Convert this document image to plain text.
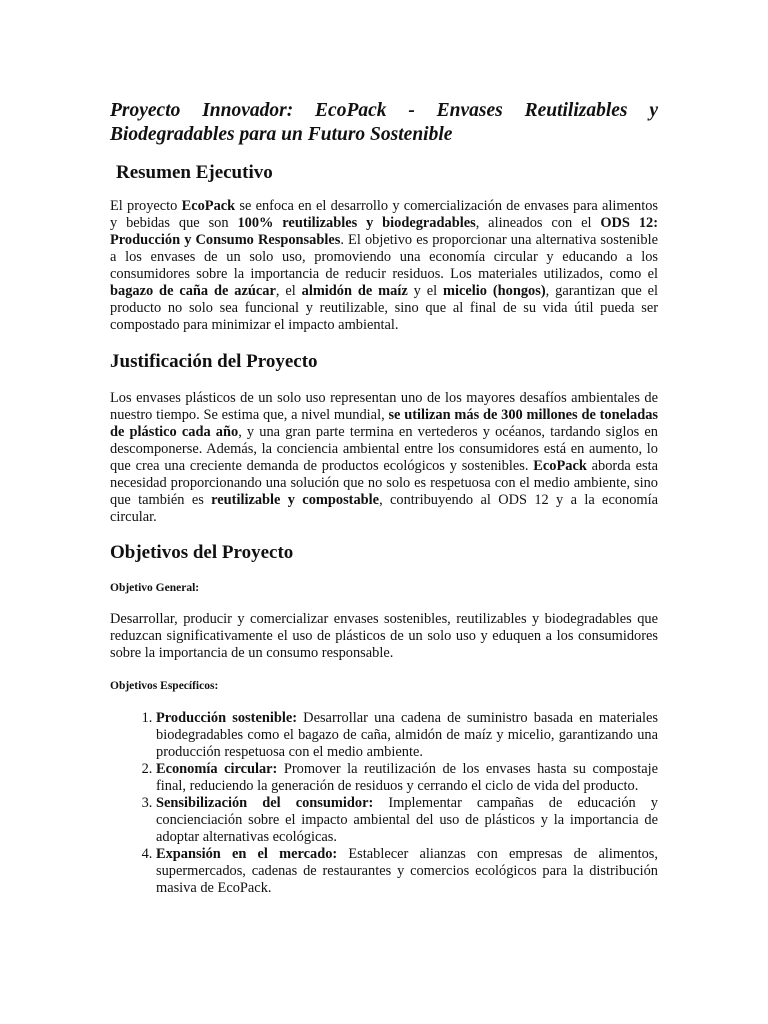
Proyecto Innovador: EcoPack - Envases Reutilizables y
Biodegradables para un Futuro Sostenible

Resumen Ejecutivo

El proyecto EcoPack se enfoca en el desarrollo y comercialización de envases para alimentos y bebidas que son 100% reutilizables y biodegradables, alineados con el ODS 12: Producción y Consumo Responsables. El objetivo es proporcionar una alternativa sostenible a los envases de un solo uso, promoviendo una economía circular y educando a los consumidores sobre la importancia de reducir residuos. Los materiales utilizados, como el bagazo de caña de azúcar, el almidón de maíz y el micelio (hongos), garantizan que el producto no solo sea funcional y reutilizable, sino que al final de su vida útil pueda ser compostado para minimizar el impacto ambiental.

Justificación del Proyecto

Los envases plásticos de un solo uso representan uno de los mayores desafíos ambientales de nuestro tiempo. Se estima que, a nivel mundial, se utilizan más de 300 millones de toneladas de plástico cada año, y una gran parte termina en vertederos y océanos, tardando siglos en descomponerse. Además, la conciencia ambiental entre los consumidores está en aumento, lo que crea una creciente demanda de productos ecológicos y sostenibles. EcoPack aborda esta necesidad proporcionando una solución que no solo es respetuosa con el medio ambiente, sino que también es reutilizable y compostable, contribuyendo al ODS 12 y a la economía circular.

Objetivos del Proyecto
Objetivo General:

Desarrollar, producir y comercializar envases sostenibles, reutilizables y biodegradables que reduzcan significativamente el uso de plásticos de un solo uso y eduquen a los consumidores sobre la importancia de un consumo responsable.

Objetivos Específicos:
1. Producción sostenible: Desarrollar una cadena de suministro basada en materiales biodegradables como el bagazo de caña, almidón de maíz y micelio, garantizando una producción respetuosa con el medio ambiente.
2. Economía circular: Promover la reutilización de los envases hasta su compostaje final, reduciendo la generación de residuos y cerrando el ciclo de vida del producto.
3. Sensibilización del consumidor: Implementar campañas de educación y concienciación sobre el impacto ambiental del uso de plásticos y la importancia de adoptar alternativas ecológicas.
4. Expansión en el mercado: Establecer alianzas con empresas de alimentos, supermercados, cadenas de restaurantes y comercios ecológicos para la distribución masiva de EcoPack.
